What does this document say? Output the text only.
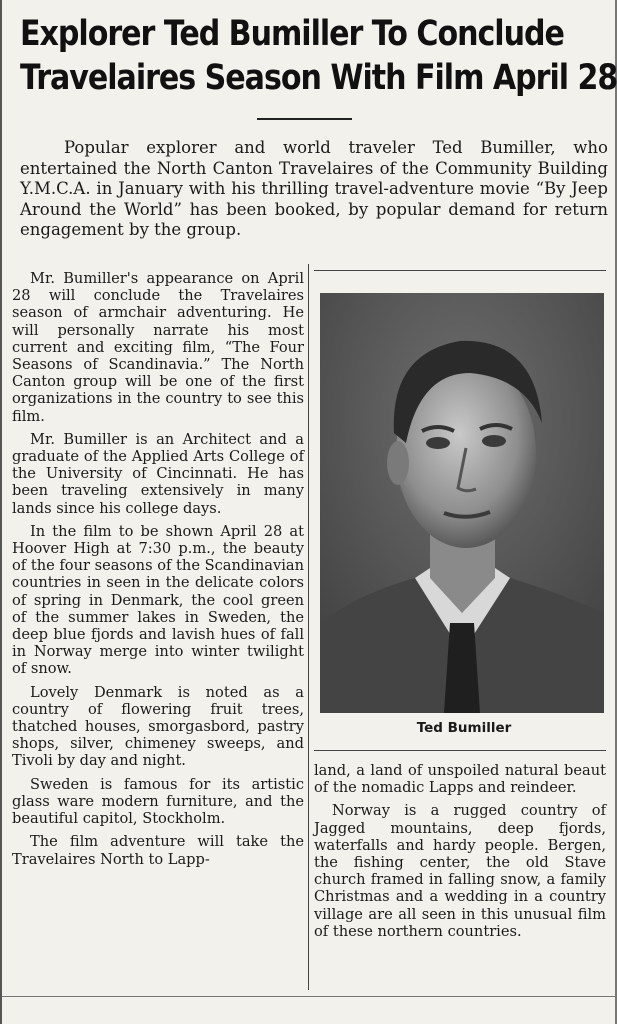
Explorer Ted Bumiller To Conclude
Travelaires Season With Film April 28

Popular explorer and world traveler Ted Bumiller, who entertained the North Canton Travelaires of the Community Building Y.M.C.A. in January with his thrilling travel-adventure movie “By Jeep Around the World” has been booked, by popular demand for return engagement by the group.

Mr. Bumiller's appearance on April 28 will conclude the Travelaires season of armchair adventuring. He will personally narrate his most current and exciting film, “The Four Seasons of Scandinavia.” The North Canton group will be one of the first organizations in the country to see this film.

Mr. Bumiller is an Architect and a graduate of the Applied Arts College of the University of Cincinnati. He has been traveling extensively in many lands since his college days.

In the film to be shown April 28 at Hoover High at 7:30 p.m., the beauty of the four seasons of the Scandinavian countries in seen in the delicate colors of spring in Denmark, the cool green of the summer lakes in Sweden, the deep blue fjords and lavish hues of fall in Norway merge into winter twilight of snow.

Lovely Denmark is noted as a country of flowering fruit trees, thatched houses, smorgasbord, pastry shops, silver, chimeney sweeps, and Tivoli by day and night.

Sweden is famous for its artistic glass ware modern furniture, and the beautiful capitol, Stockholm.

The film adventure will take the Travelaires North to Lapp-

Ted Bumiller

land, a land of unspoiled natural beaut of the nomadic Lapps and reindeer.

Norway is a rugged country of Jagged mountains, deep fjords, waterfalls and hardy people. Bergen, the fishing center, the old Stave church framed in falling snow, a family Christmas and a wedding in a country village are all seen in this unusual film of these northern countries.
